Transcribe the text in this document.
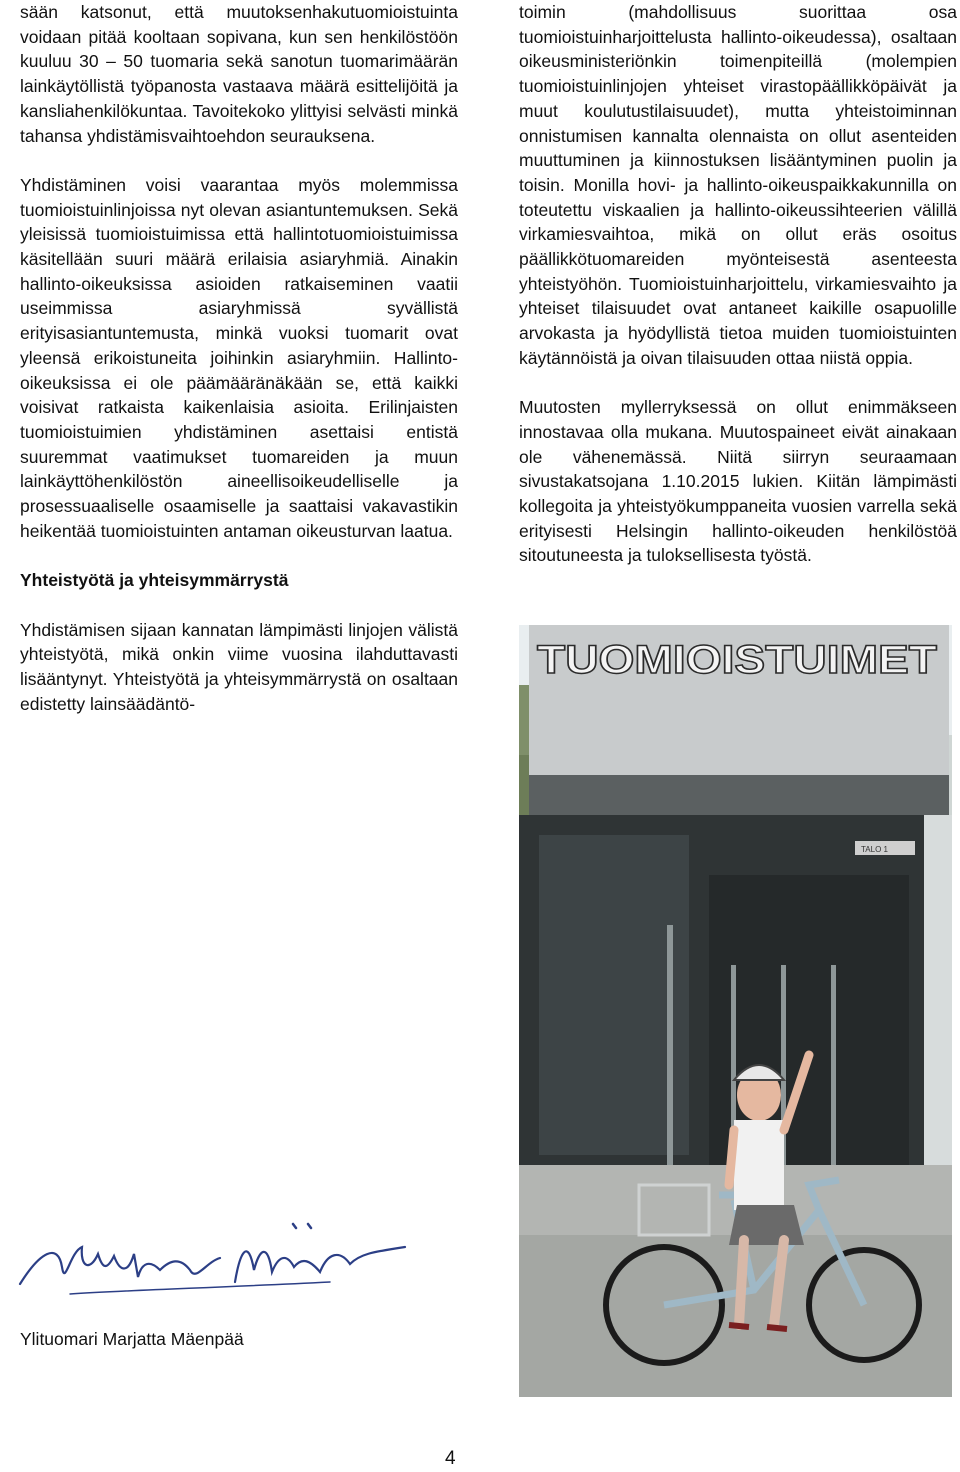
sään katsonut, että muutoksenhakutuomioistuinta voidaan pitää kooltaan sopivana, kun sen henkilöstöön kuuluu 30 – 50 tuomaria sekä sanotun tuomarimäärän lainkäytöllistä työpanosta vastaava määrä esittelijöitä ja kansliahenkilökuntaa. Tavoitekoko ylittyisi selvästi minkä tahansa yhdistämisvaihtoehdon seurauksena.

Yhdistäminen voisi vaarantaa myös molemmissa tuomioistuinlinjoissa nyt olevan asiantuntemuksen. Sekä yleisissä tuomioistuimissa että hallintotuomioistuimissa käsitellään suuri määrä erilaisia asiaryhmiä. Ainakin hallinto-oikeuksissa asioiden ratkaiseminen vaatii useimmissa asiaryhmissä syvällistä erityisasiantuntemusta, minkä vuoksi tuomarit ovat yleensä erikoistuneita joihinkin asiaryhmiin. Hallinto-oikeuksissa ei ole päämääränäkään se, että kaikki voisivat ratkaista kaikenlaisia asioita. Erilinjaisten tuomioistuimien yhdistäminen asettaisi entistä suuremmat vaatimukset tuomareiden ja muun lainkäyttöhenkilöstön aineellisoikeudelliselle ja prosessuaaliselle osaamiselle ja saattaisi vakavastikin heikentää tuomioistuinten antaman oikeusturvan laatua.

Yhteistyötä ja yhteisymmärrystä

Yhdistämisen sijaan kannatan lämpimästi linjojen välistä yhteistyötä, mikä onkin viime vuosina ilahduttavasti lisääntynyt. Yhteistyötä ja yhteisymmärrystä on osaltaan edistetty lainsäädäntö-

toimin (mahdollisuus suorittaa osa tuomioistuinharjoittelusta hallinto-oikeudessa), osaltaan oikeusministeriönkin toimenpiteillä (molempien tuomioistuinlinjojen yhteiset virastopäällikköpäivät ja muut koulutustilaisuudet), mutta yhteistoiminnan onnistumisen kannalta olennaista on ollut asenteiden muuttuminen ja kiinnostuksen lisääntyminen puolin ja toisin. Monilla hovi- ja hallinto-oikeuspaikkakunnilla on toteutettu viskaalien ja hallinto-oikeussihteerien välillä virkamiesvaihtoa, mikä on ollut eräs osoitus päällikkötuomareiden myönteisestä asenteesta yhteistyöhön. Tuomioistuinharjoittelu, virkamiesvaihto ja yhteiset tilaisuudet ovat antaneet kaikille osapuolille arvokasta ja hyödyllistä tietoa muiden tuomioistuinten käytännöistä ja oivan tilaisuuden ottaa niistä oppia.

Muutosten myllerryksessä on ollut enimmäkseen innostavaa olla mukana. Muutospaineet eivät ainakaan ole vähenemässä. Niitä siirryn seuraamaan sivustakatsojana 1.10.2015 lukien. Kiitän lämpimästi kollegoita ja yhteistyökumppaneita vuosien varrella sekä erityisesti Helsingin hallinto-oikeuden henkilöstöä sitoutuneesta ja tuloksellisesta työstä.

TUOMIOISTUIMET
TALO 1

Ylituomari Marjatta Mäenpää

4
